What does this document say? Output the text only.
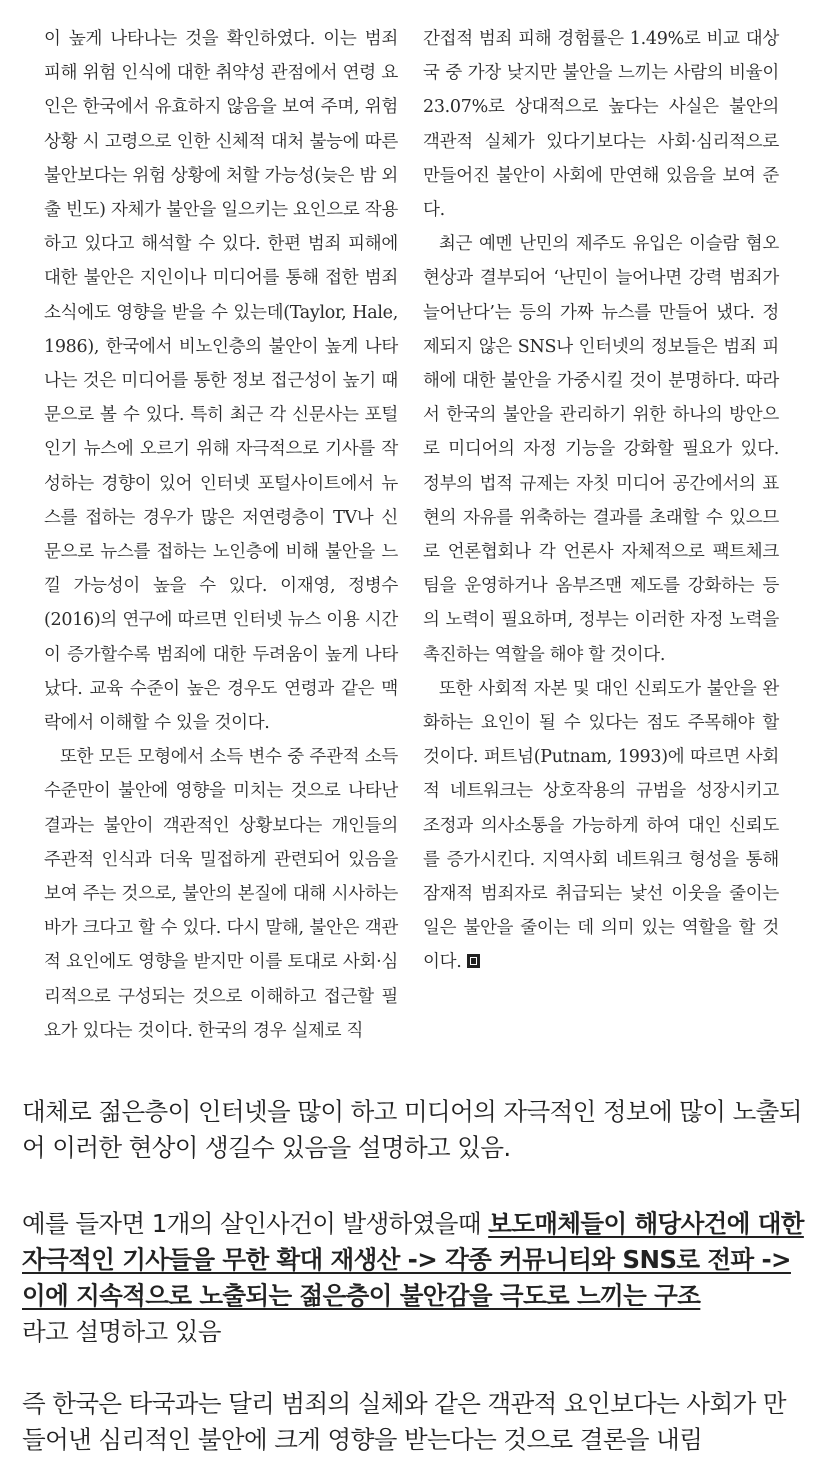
이 높게 나타나는 것을 확인하였다. 이는 범죄 피해 위험 인식에 대한 취약성 관점에서 연령 요인은 한국에서 유효하지 않음을 보여 주며, 위험 상황 시 고령으로 인한 신체적 대처 불능에 따른 불안보다는 위험 상황에 처할 가능성(늦은 밤 외출 빈도) 자체가 불안을 일으키는 요인으로 작용하고 있다고 해석할 수 있다. 한편 범죄 피해에 대한 불안은 지인이나 미디어를 통해 접한 범죄 소식에도 영향을 받을 수 있는데(Taylor, Hale, 1986), 한국에서 비노인층의 불안이 높게 나타나는 것은 미디어를 통한 정보 접근성이 높기 때문으로 볼 수 있다. 특히 최근 각 신문사는 포털 인기 뉴스에 오르기 위해 자극적으로 기사를 작성하는 경향이 있어 인터넷 포털사이트에서 뉴스를 접하는 경우가 많은 저연령층이 TV나 신문으로 뉴스를 접하는 노인층에 비해 불안을 느낄 가능성이 높을 수 있다. 이재영, 정병수(2016)의 연구에 따르면 인터넷 뉴스 이용 시간이 증가할수록 범죄에 대한 두려움이 높게 나타났다. 교육 수준이 높은 경우도 연령과 같은 맥락에서 이해할 수 있을 것이다.

또한 모든 모형에서 소득 변수 중 주관적 소득 수준만이 불안에 영향을 미치는 것으로 나타난 결과는 불안이 객관적인 상황보다는 개인들의 주관적 인식과 더욱 밀접하게 관련되어 있음을 보여 주는 것으로, 불안의 본질에 대해 시사하는 바가 크다고 할 수 있다. 다시 말해, 불안은 객관적 요인에도 영향을 받지만 이를 토대로 사회·심리적으로 구성되는 것으로 이해하고 접근할 필요가 있다는 것이다. 한국의 경우 실제로 직

간접적 범죄 피해 경험률은 1.49%로 비교 대상국 중 가장 낮지만 불안을 느끼는 사람의 비율이 23.07%로 상대적으로 높다는 사실은 불안의 객관적 실체가 있다기보다는 사회·심리적으로 만들어진 불안이 사회에 만연해 있음을 보여 준다.

최근 예멘 난민의 제주도 유입은 이슬람 혐오 현상과 결부되어 ‘난민이 늘어나면 강력 범죄가 늘어난다’는 등의 가짜 뉴스를 만들어 냈다. 정제되지 않은 SNS나 인터넷의 정보들은 범죄 피해에 대한 불안을 가중시킬 것이 분명하다. 따라서 한국의 불안을 관리하기 위한 하나의 방안으로 미디어의 자정 기능을 강화할 필요가 있다. 정부의 법적 규제는 자칫 미디어 공간에서의 표현의 자유를 위축하는 결과를 초래할 수 있으므로 언론협회나 각 언론사 자체적으로 팩트체크팀을 운영하거나 옴부즈맨 제도를 강화하는 등의 노력이 필요하며, 정부는 이러한 자정 노력을 촉진하는 역할을 해야 할 것이다.

또한 사회적 자본 및 대인 신뢰도가 불안을 완화하는 요인이 될 수 있다는 점도 주목해야 할 것이다. 퍼트넘(Putnam, 1993)에 따르면 사회적 네트워크는 상호작용의 규범을 성장시키고 조정과 의사소통을 가능하게 하여 대인 신뢰도를 증가시킨다. 지역사회 네트워크 형성을 통해 잠재적 범죄자로 취급되는 낯선 이웃을 줄이는 일은 불안을 줄이는 데 의미 있는 역할을 할 것이다.

대체로 젊은층이 인터넷을 많이 하고 미디어의 자극적인 정보에 많이 노출되어 이러한 현상이 생길수 있음을 설명하고 있음.

예를 들자면 1개의 살인사건이 발생하였을때 보도매체들이 해당사건에 대한 자극적인 기사들을 무한 확대 재생산 -> 각종 커뮤니티와 SNS로 전파 -> 이에 지속적으로 노출되는 젊은층이 불안감을 극도로 느끼는 구조
라고 설명하고 있음

즉 한국은 타국과는 달리 범죄의 실체와 같은 객관적 요인보다는 사회가 만들어낸 심리적인 불안에 크게 영향을 받는다는 것으로 결론을 내림
